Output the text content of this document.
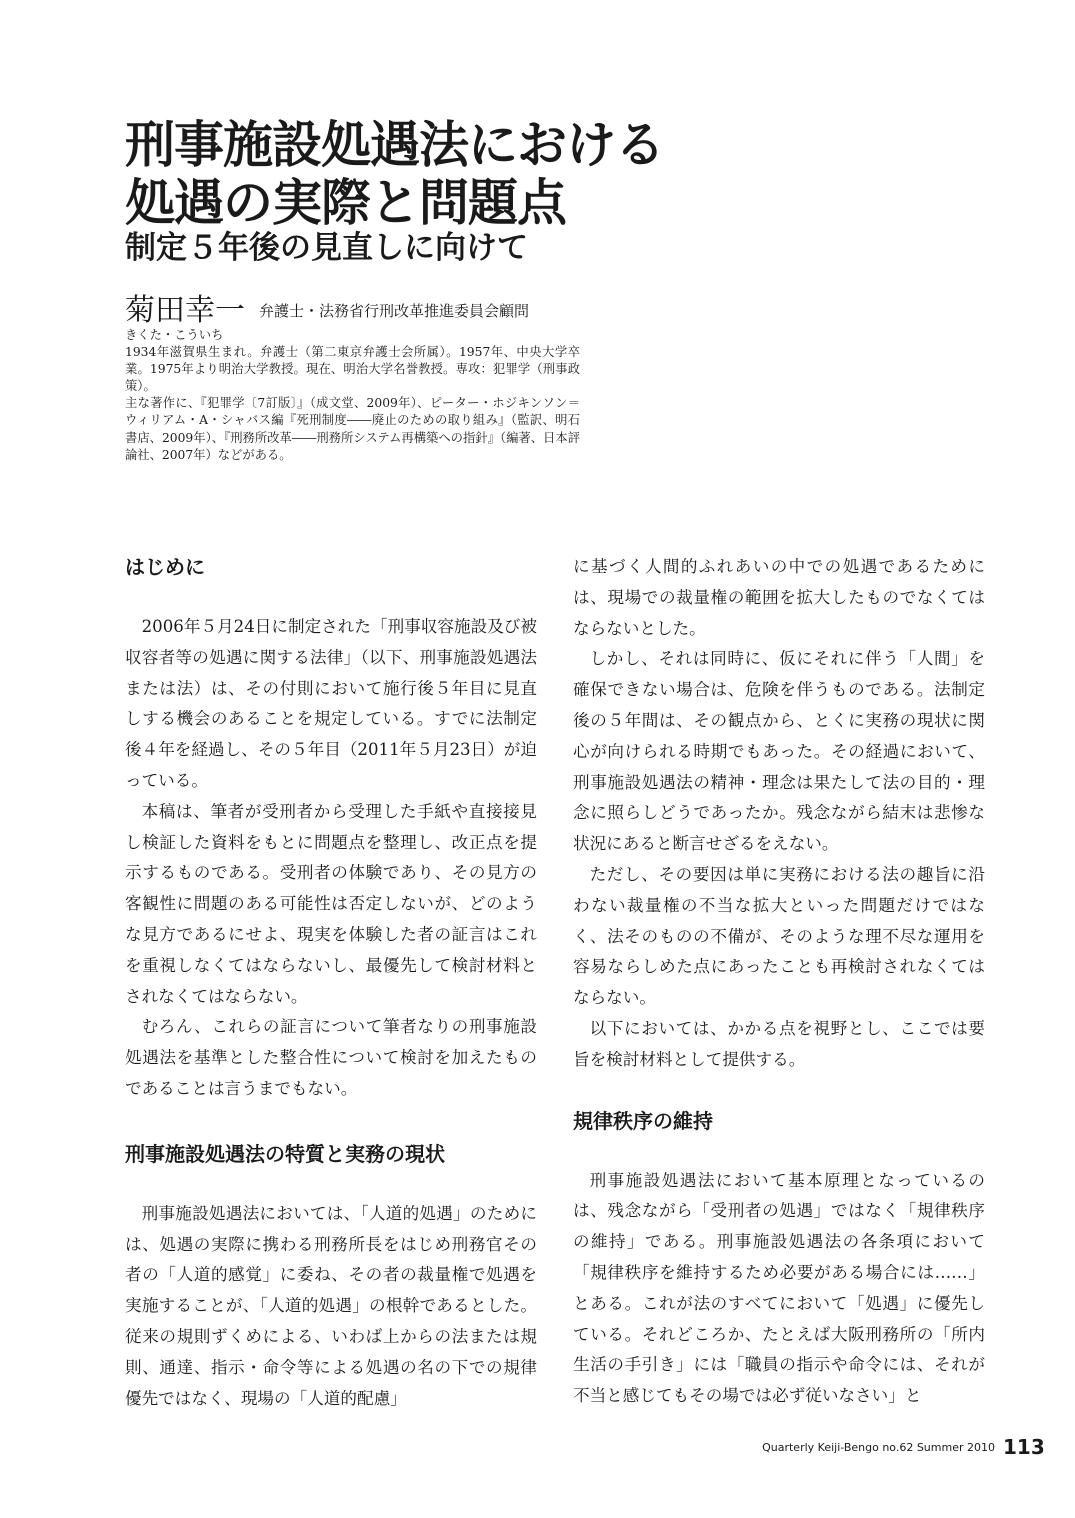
刑事施設処遇法における
処遇の実際と問題点
制定５年後の見直しに向けて
菊田幸一 弁護士・法務省行刑改革推進委員会顧問

きくた・こういち

1934年滋賀県生まれ。弁護士（第二東京弁護士会所属）。1957年、中央大学卒業。1975年より明治大学教授。現在、明治大学名誉教授。専攻：犯罪学（刑事政策）。

主な著作に、『犯罪学〔7訂版〕』（成文堂、2009年）、ピーター・ホジキンソン＝ウィリアム・A・シャバス編『死刑制度――廃止のための取り組み』（監訳、明石書店、2009年）、『刑務所改革――刑務所システム再構築への指針』（編著、日本評論社、2007年）などがある。

はじめに

2006年５月24日に制定された「刑事収容施設及び被収容者等の処遇に関する法律」（以下、刑事施設処遇法または法）は、その付則において施行後５年目に見直しする機会のあることを規定している。すでに法制定後４年を経過し、その５年目（2011年５月23日）が迫っている。

本稿は、筆者が受刑者から受理した手紙や直接接見し検証した資料をもとに問題点を整理し、改正点を提示するものである。受刑者の体験であり、その見方の客観性に問題のある可能性は否定しないが、どのような見方であるにせよ、現実を体験した者の証言はこれを重視しなくてはならないし、最優先して検討材料とされなくてはならない。

むろん、これらの証言について筆者なりの刑事施設処遇法を基準とした整合性について検討を加えたものであることは言うまでもない。

刑事施設処遇法の特質と実務の現状

刑事施設処遇法においては、「人道的処遇」のためには、処遇の実際に携わる刑務所長をはじめ刑務官その者の「人道的感覚」に委ね、その者の裁量権で処遇を実施することが、「人道的処遇」の根幹であるとした。従来の規則ずくめによる、いわば上からの法または規則、通達、指示・命令等による処遇の名の下での規律優先ではなく、現場の「人道的配慮」

に基づく人間的ふれあいの中での処遇であるためには、現場での裁量権の範囲を拡大したものでなくてはならないとした。

しかし、それは同時に、仮にそれに伴う「人間」を確保できない場合は、危険を伴うものである。法制定後の５年間は、その観点から、とくに実務の現状に関心が向けられる時期でもあった。その経過において、刑事施設処遇法の精神・理念は果たして法の目的・理念に照らしどうであったか。残念ながら結末は悲惨な状況にあると断言せざるをえない。

ただし、その要因は単に実務における法の趣旨に沿わない裁量権の不当な拡大といった問題だけではなく、法そのものの不備が、そのような理不尽な運用を容易ならしめた点にあったことも再検討されなくてはならない。

以下においては、かかる点を視野とし、ここでは要旨を検討材料として提供する。

規律秩序の維持

刑事施設処遇法において基本原理となっているのは、残念ながら「受刑者の処遇」ではなく「規律秩序の維持」である。刑事施設処遇法の各条項において「規律秩序を維持するため必要がある場合には……」とある。これが法のすべてにおいて「処遇」に優先している。それどころか、たとえば大阪刑務所の「所内生活の手引き」には「職員の指示や命令には、それが不当と感じてもその場では必ず従いなさい」と

Quarterly Keiji-Bengo no.62 Summer 2010 113
